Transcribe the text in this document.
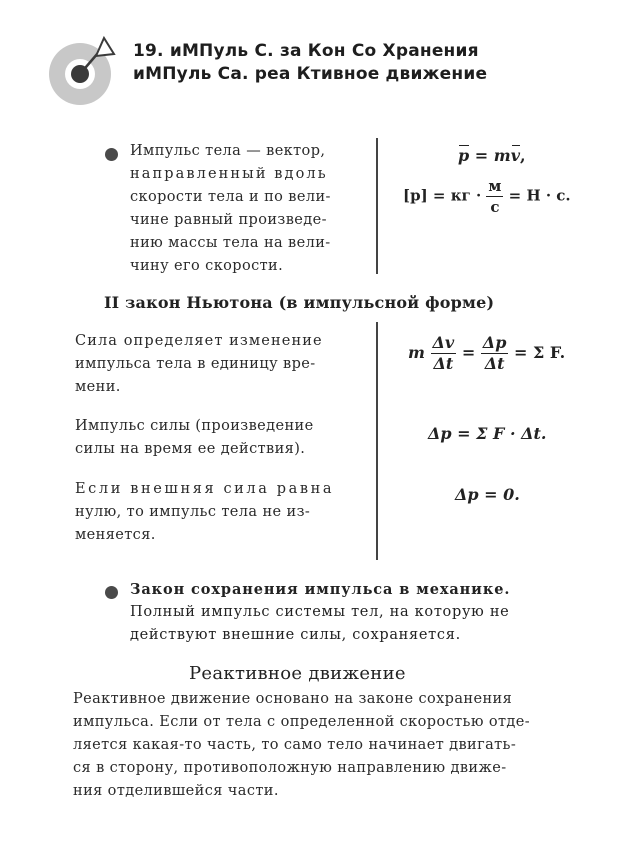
19. иМПуль С. за Кон Со Хранения
иМПуль Са. реа Ктивное движение
Импульс тела — вектор,
направленный вдоль
скорости тела и по вели-
чине равный произведе-
нию массы тела на вели-
чину его скорости.
p = mv,
[p] = кг · $\frac{м}{с} = Н \cdot с$.
II закон Ньютона (в импульсной форме)
Сила определяет изменение
импульса тела в единицу вре-
мени.
Импульс силы (произведение
силы на время ее действия).
Если внешняя сила равна
нулю, то импульс тела не из-
меняется.
m $\frac{\Delta v}{\Delta t} = \frac{\Delta p}{\Delta t} = \Sigma$ F.
Δp = Σ F · Δt.
Δp = 0.
Закон сохранения импульса в механике.
Полный импульс системы тел, на которую не
действуют внешние силы, сохраняется.
Реактивное движение
Реактивное движение основано на законе сохранения
импульса. Если от тела с определенной скоростью отде-
ляется какая-то часть, то само тело начинает двигать-
ся в сторону, противоположную направлению движе-
ния отделившейся части.
